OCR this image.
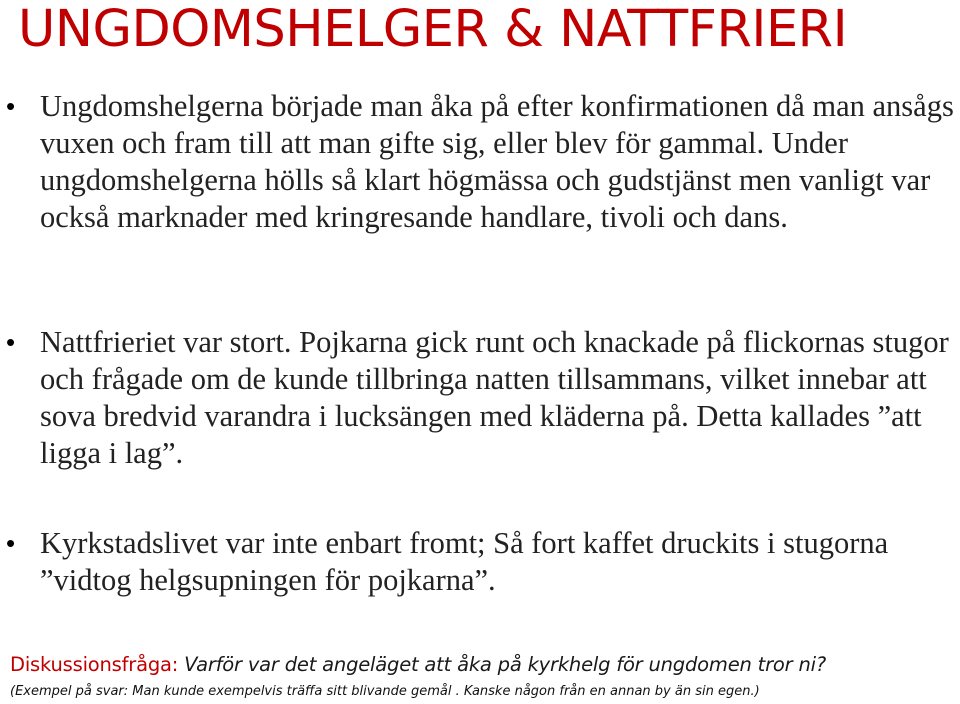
UNGDOMSHELGER & NATTFRIERI
• Ungdomshelgerna började man åka på efter konfirmationen då man ansågs vuxen och fram till att man gifte sig, eller blev för gammal. Under ungdomshelgerna hölls så klart högmässa och gudstjänst men vanligt var också marknader med kringresande handlare, tivoli och dans.
• Nattfrieriet var stort. Pojkarna gick runt och knackade på flickornas stugor och frågade om de kunde tillbringa natten tillsammans, vilket innebar att sova bredvid varandra i lucksängen med kläderna på. Detta kallades ”att ligga i lag”.
• Kyrkstadslivet var inte enbart fromt; Så fort kaffet druckits i stugorna ”vidtog helgsupningen för pojkarna”.
Diskussionsfråga: Varför var det angeläget att åka på kyrkhelg för ungdomen tror ni?
(Exempel på svar: Man kunde exempelvis träffa sitt blivande gemål . Kanske någon från en annan by än sin egen.)
